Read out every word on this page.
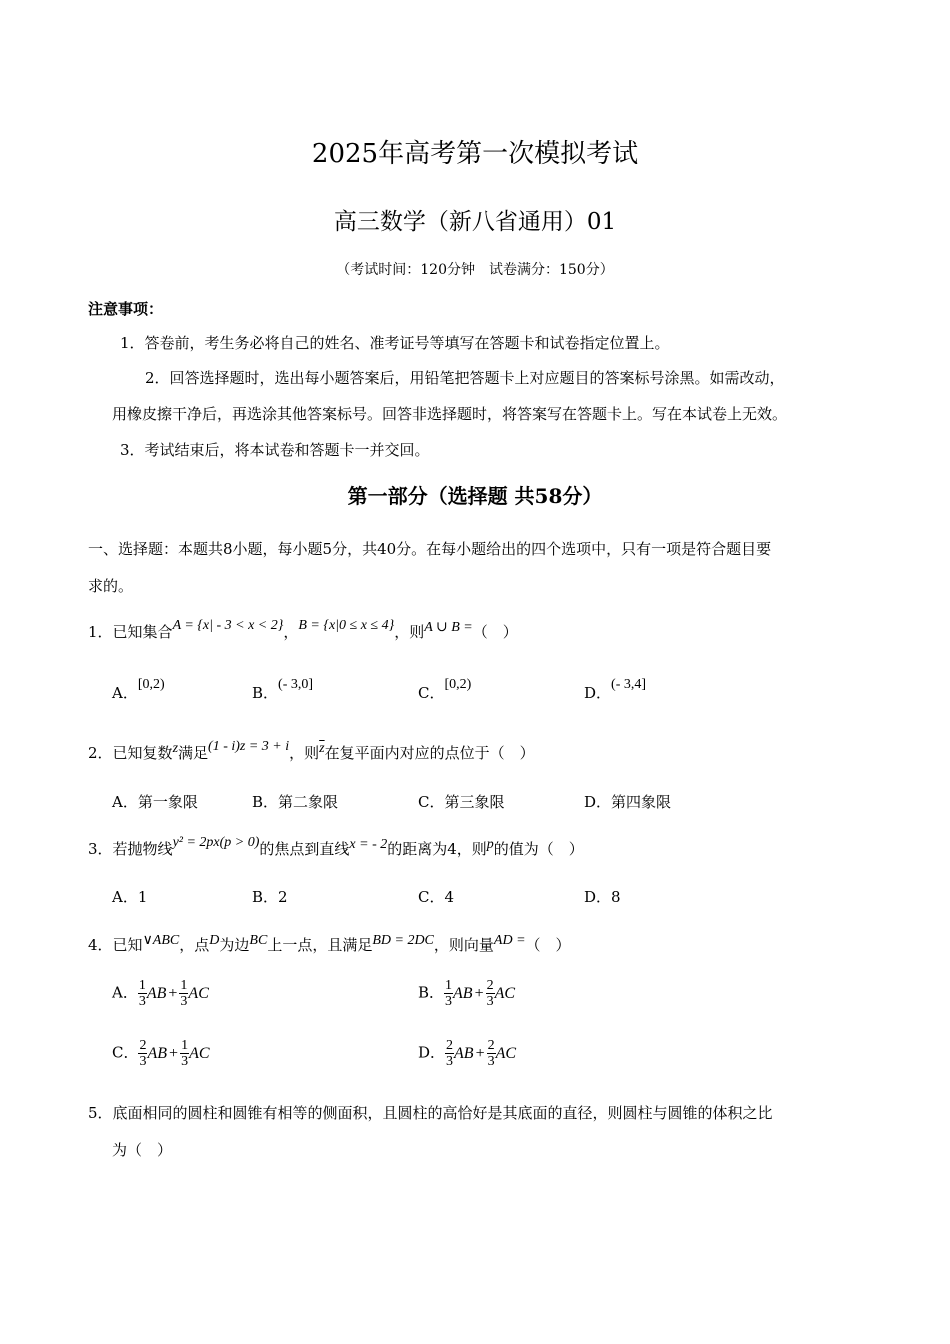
2025年高考第一次模拟考试
高三数学（新八省通用）01
（考试时间：120分钟　试卷满分：150分）
注意事项：
1．答卷前，考生务必将自己的姓名、准考证号等填写在答题卡和试卷指定位置上。
2．回答选择题时，选出每小题答案后，用铅笔把答题卡上对应题目的答案标号涂黑。如需改动，
用橡皮擦干净后，再选涂其他答案标号。回答非选择题时，将答案写在答题卡上。写在本试卷上无效。
3．考试结束后，将本试卷和答题卡一并交回。
第一部分（选择题 共58分）
一、选择题：本题共8小题，每小题5分，共40分。在每小题给出的四个选项中，只有一项是符合题目要
求的。
1．已知集合A = {x| - 3 < x < 2}，B = {x|0 ≤ x ≤ 4}，则A ∪ B =（　）
A．[0,2)	B．(- 3,0]	C．[0,2)	D．(- 3,4]
2．已知复数z满足(1 - i)z = 3 + i，则$\overline{z}$在复平面内对应的点位于（　）
A．第一象限	B．第二象限	C．第三象限	D．第四象限
3．若抛物线y² = 2px(p > 0)的焦点到直线x = - 2的距离为4，则p的值为（　）
A．1	B．2	C．4	D．8
4．已知∨ABC，点D为边BC上一点，且满足BD = 2DC，则向量AD =（　）
A． $\frac{1}{3}$ AB + $\frac{1}{3}$ AC	B． $\frac{1}{3}$ AB + $\frac{2}{3}$ AC
C． $\frac{2}{3}$ AB + $\frac{1}{3}$ AC	D． $\frac{2}{3}$ AB + $\frac{2}{3}$ AC
5．底面相同的圆柱和圆锥有相等的侧面积，且圆柱的高恰好是其底面的直径，则圆柱与圆锥的体积之比
为（　）
